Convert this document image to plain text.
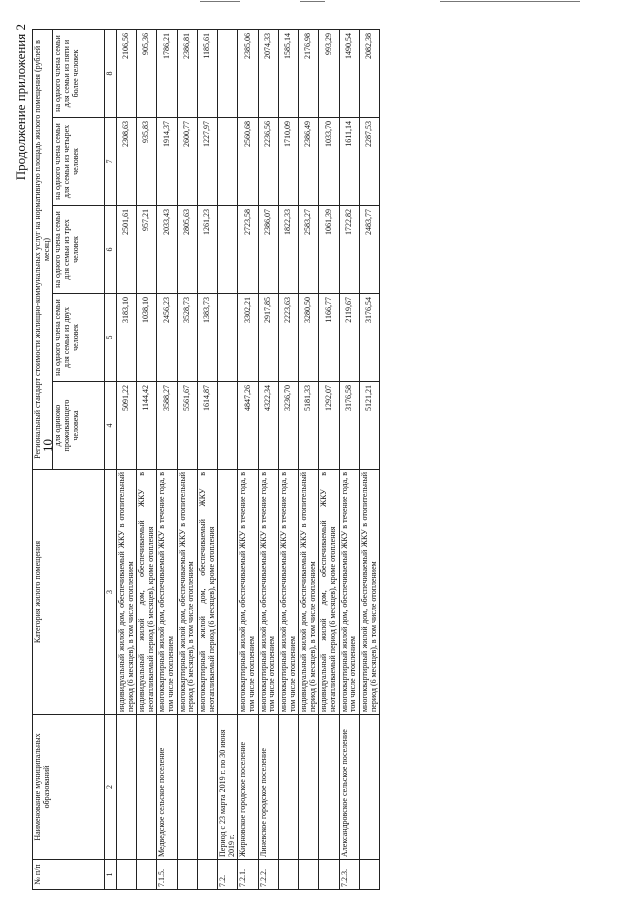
10
Продолжение приложения 2
№ п/п	Наименование муниципальных образований	Категория жилого помещения	Региональный стандарт стоимости жилищно-коммунальных услуг на нормативную площадь жилого помещения (рублей в месяц)				
			для одиноко проживающего человека	на одного члена семьи для семьи из двух человек	на одного члена семьи для семьи из трех человек	на одного члена семьи для семьи из четырех человек	на одного члена семьи для семьи из пяти и более человек
1	2	3	4	5	6	7	8
		индивидуальный жилой дом, обеспечиваемый ЖКУ в отопительный период (6 месяцев), в том числе отоплением	5091,22	3183,10	2501,61	2308,63	2106,56
		индивидуальный жилой дом, обеспечиваемый ЖКУ в неотапливаемый период (6 месяцев), кроме отопления	1144,42	1038,10	957,21	935,83	905,36
7.1.5.	Медведское сельское поселение	многоквартирный жилой дом, обеспечиваемый ЖКУ в течение года, в том числе отоплением	3588,27	2456,23	2033,43	1914,37	1786,21
		многоквартирный жилой дом, обеспечиваемый ЖКУ в отопительный период (6 месяцев), в том числе отоплением	5561,67	3528,73	2805,63	2600,77	2386,81
		многоквартирный жилой дом, обеспечиваемый ЖКУ в неотапливаемый период (6 месяцев), кроме отопления	1614,87	1383,73	1261,23	1227,97	1185,61
7.2.	Период с 23 марта 2019 г. по 30 июня 2019 г.						
7.2.1.	Жирновское городское поселение	многоквартирный жилой дом, обеспечиваемый ЖКУ в течение года, в том числе отоплением	4847,26	3302,21	2723,58	2560,68	2385,06
7.2.2.	Линевское городское поселение	многоквартирный жилой дом, обеспечиваемый ЖКУ в течение года, в том числе отоплением	4322,34	2917,85	2386,07	2236,56	2074,33
		многоквартирный жилой дом, обеспечиваемый ЖКУ в течение года, в том числе отоплением	3236,70	2223,63	1822,33	1710,09	1585,14
		индивидуальный жилой дом, обеспечиваемый ЖКУ в отопительный период (6 месяцев), в том числе отоплением	5181,33	3280,50	2583,27	2386,49	2176,98
		индивидуальный жилой дом, обеспечиваемый ЖКУ в неотапливаемый период (6 месяцев), кроме отопления	1292,07	1166,77	1061,39	1033,70	993,29
7.2.3.	Александровское сельское поселение	многоквартирный жилой дом, обеспечиваемый ЖКУ в течение года, в том числе отоплением	3176,58	2119,67	1722,82	1611,14	1490,54
		многоквартирный жилой дом, обеспечиваемый ЖКУ в отопительный период (6 месяцев), в том числе отоплением	5121,21	3176,54	2483,77	2287,53	2082,38
